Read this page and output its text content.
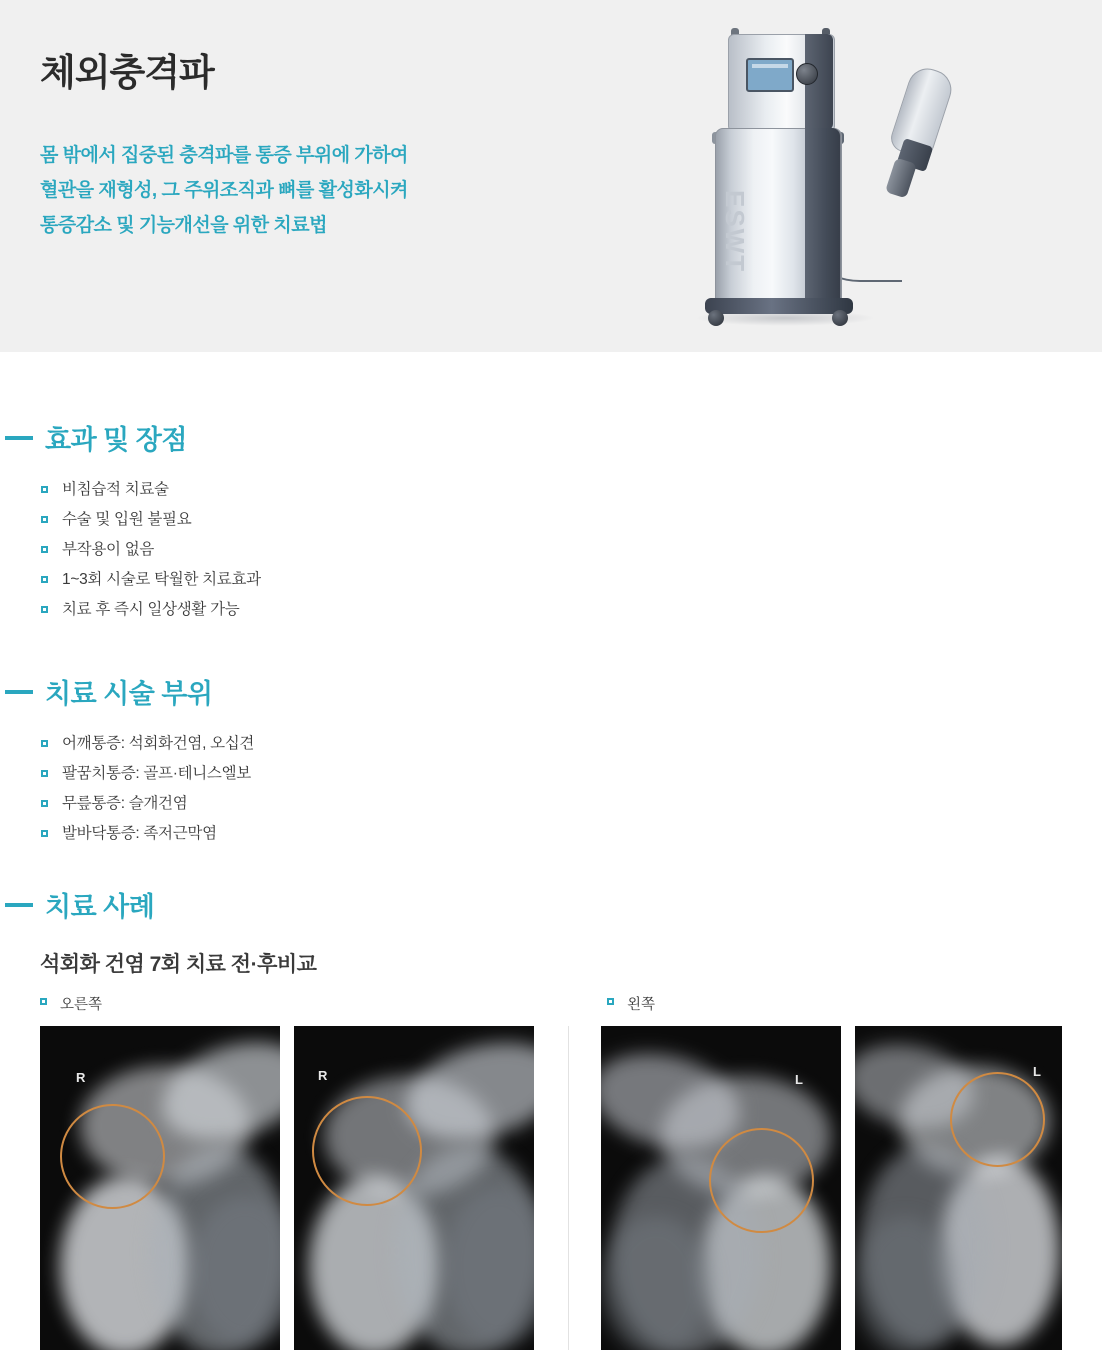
체외충격파
몸 밖에서 집중된 충격파를 통증 부위에 가하여
혈관을 재형성, 그 주위조직과 뼈를 활성화시켜
통증감소 및 기능개선을 위한 치료법	ESWT
효과 및 장점
비침습적 치료술
수술 및 입원 불필요
부작용이 없음
1~3회 시술로 탁월한 치료효과
치료 후 즉시 일상생활 가능
치료 시술 부위
어깨통증: 석회화건염, 오십견
팔꿈치통증: 골프·테니스엘보
무릎통증: 슬개건염
발바닥통증: 족저근막염
치료 사례
석회화 건염 7회 치료 전·후비교
오른쪽	왼쪽
R	R	L
L
